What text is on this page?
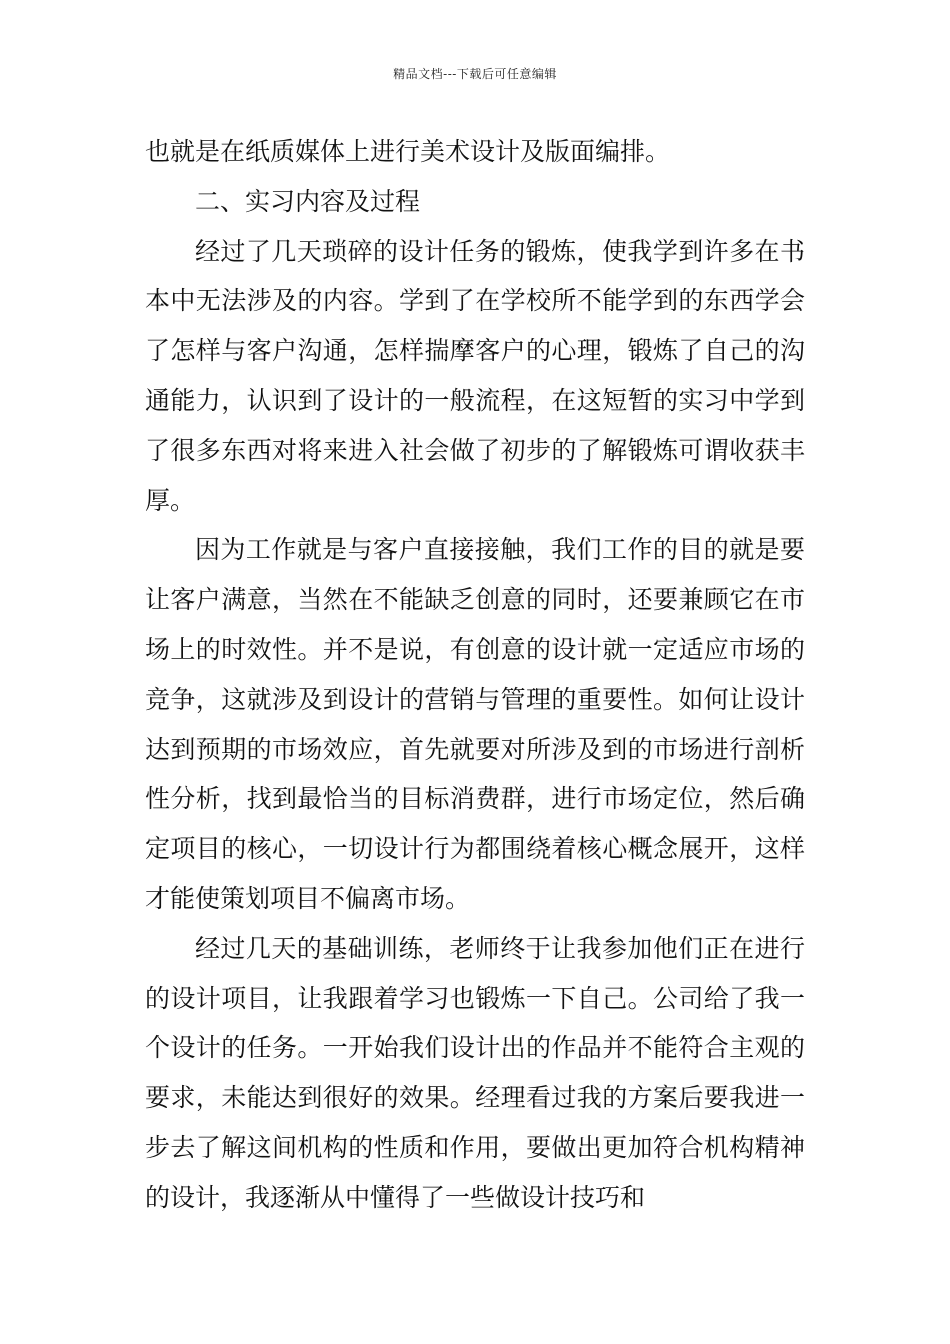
精品文档---下载后可任意编辑

也就是在纸质媒体上进行美术设计及版面编排。

二、实习内容及过程

经过了几天琐碎的设计任务的锻炼，使我学到许多在书本中无法涉及的内容。学到了在学校所不能学到的东西学会了怎样与客户沟通，怎样揣摩客户的心理，锻炼了自己的沟通能力，认识到了设计的一般流程，在这短暂的实习中学到了很多东西对将来进入社会做了初步的了解锻炼可谓收获丰厚。

因为工作就是与客户直接接触，我们工作的目的就是要让客户满意，当然在不能缺乏创意的同时，还要兼顾它在市场上的时效性。并不是说，有创意的设计就一定适应市场的竞争，这就涉及到设计的营销与管理的重要性。如何让设计达到预期的市场效应，首先就要对所涉及到的市场进行剖析性分析，找到最恰当的目标消费群，进行市场定位，然后确定项目的核心，一切设计行为都围绕着核心概念展开，这样才能使策划项目不偏离市场。

经过几天的基础训练，老师终于让我参加他们正在进行的设计项目，让我跟着学习也锻炼一下自己。公司给了我一个设计的任务。一开始我们设计出的作品并不能符合主观的要求，未能达到很好的效果。经理看过我的方案后要我进一步去了解这间机构的性质和作用，要做出更加符合机构精神的设计，我逐渐从中懂得了一些做设计技巧和
